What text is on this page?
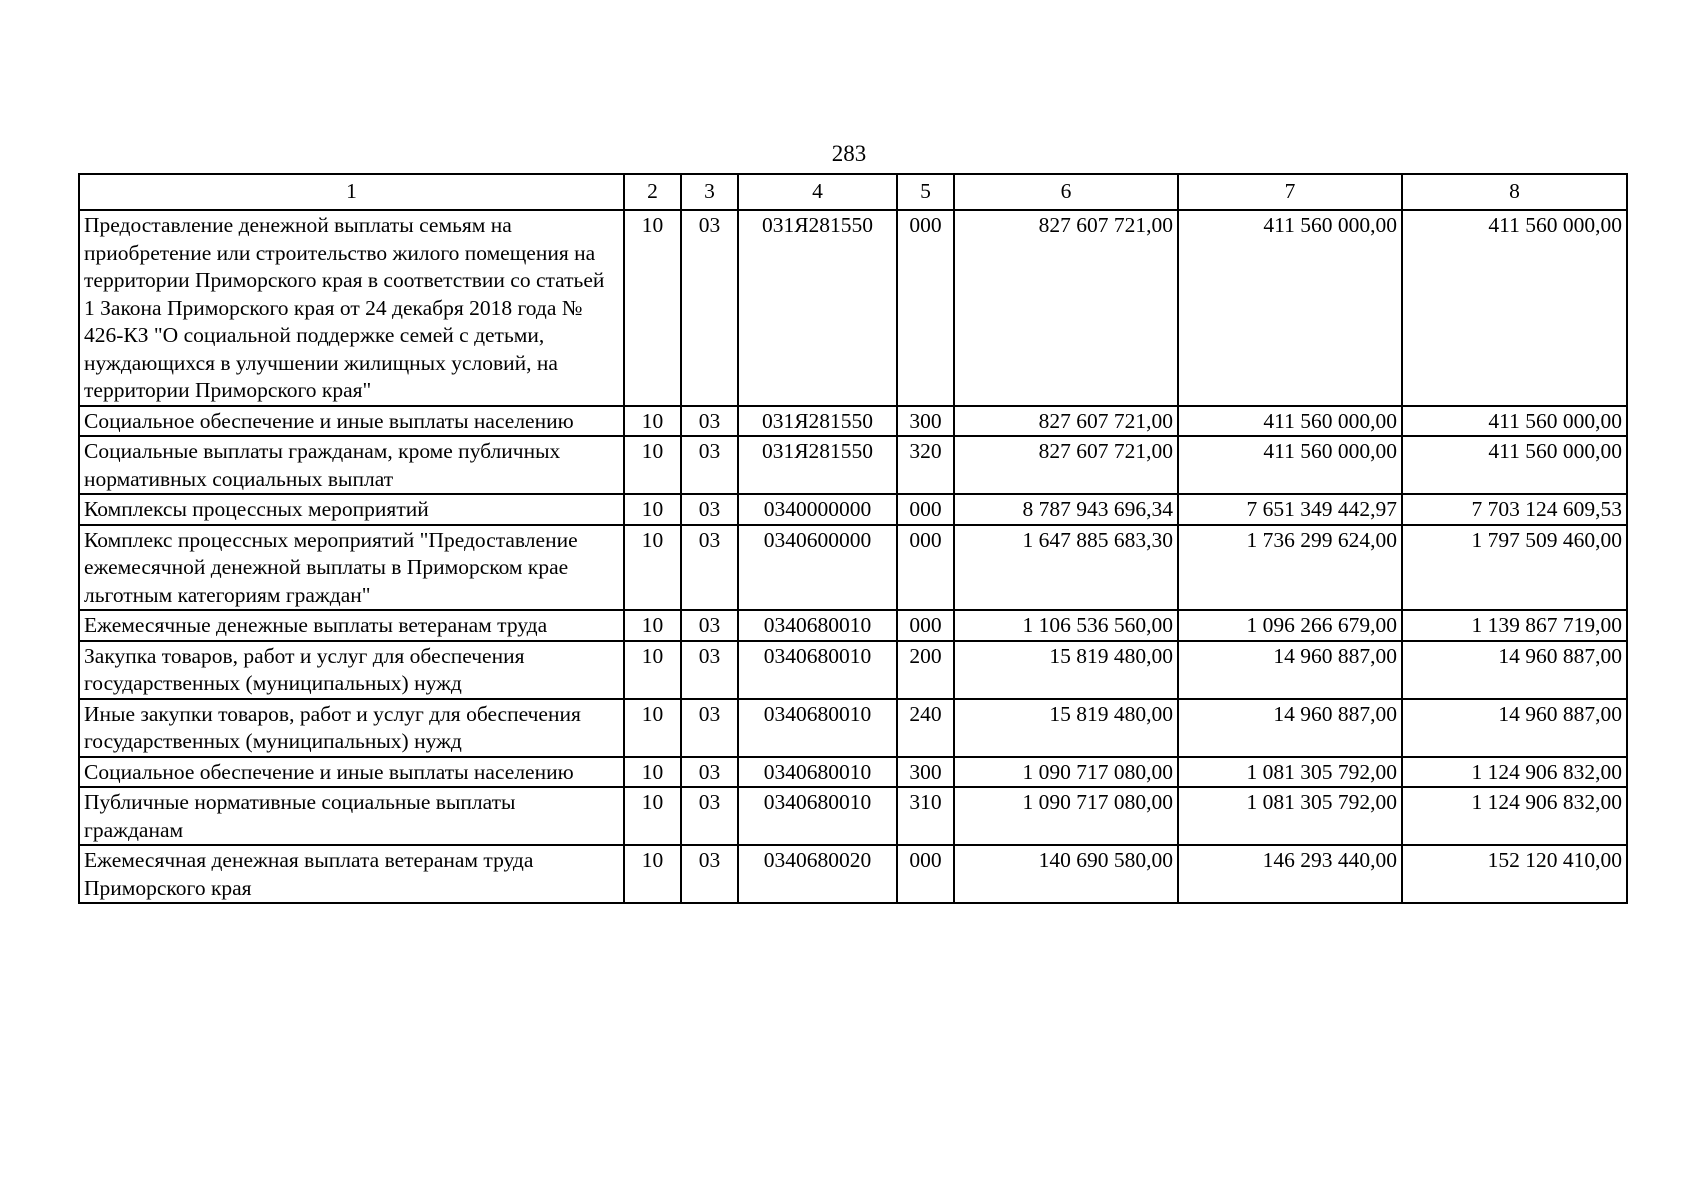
283
1	2	3	4	5	6	7	8
Предоставление денежной выплаты семьям на приобретение или строительство жилого помещения на территории Приморского края в соответствии со статьей 1 Закона Приморского края от 24 декабря 2018 года № 426-КЗ "О социальной поддержке семей с детьми, нуждающихся в улучшении жилищных условий, на территории Приморского края"	10	03	031Я281550	000	827 607 721,00	411 560 000,00	411 560 000,00
Социальное обеспечение и иные выплаты населению	10	03	031Я281550	300	827 607 721,00	411 560 000,00	411 560 000,00
Социальные выплаты гражданам, кроме публичных нормативных социальных выплат	10	03	031Я281550	320	827 607 721,00	411 560 000,00	411 560 000,00
Комплексы процессных мероприятий	10	03	0340000000	000	8 787 943 696,34	7 651 349 442,97	7 703 124 609,53
Комплекс процессных мероприятий "Предоставление ежемесячной денежной выплаты в Приморском крае льготным категориям граждан"	10	03	0340600000	000	1 647 885 683,30	1 736 299 624,00	1 797 509 460,00
Ежемесячные денежные выплаты ветеранам труда	10	03	0340680010	000	1 106 536 560,00	1 096 266 679,00	1 139 867 719,00
Закупка товаров, работ и услуг для обеспечения государственных (муниципальных) нужд	10	03	0340680010	200	15 819 480,00	14 960 887,00	14 960 887,00
Иные закупки товаров, работ и услуг для обеспечения государственных (муниципальных) нужд	10	03	0340680010	240	15 819 480,00	14 960 887,00	14 960 887,00
Социальное обеспечение и иные выплаты населению	10	03	0340680010	300	1 090 717 080,00	1 081 305 792,00	1 124 906 832,00
Публичные нормативные социальные выплаты гражданам	10	03	0340680010	310	1 090 717 080,00	1 081 305 792,00	1 124 906 832,00
Ежемесячная денежная выплата ветеранам труда Приморского края	10	03	0340680020	000	140 690 580,00	146 293 440,00	152 120 410,00
